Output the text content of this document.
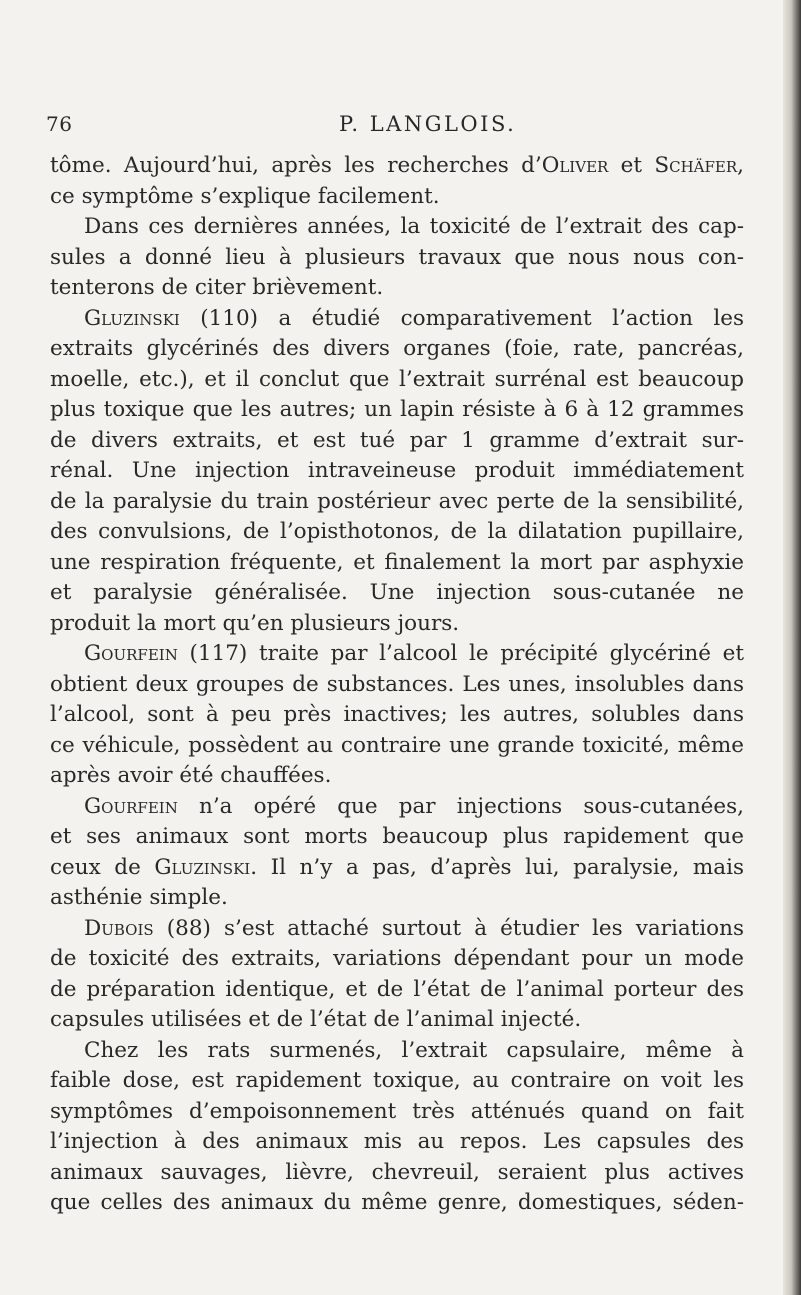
76	P. LANGLOIS.
tôme. Aujourd’hui, après les recherches d’Oliver et Schäfer,
ce symptôme s’explique facilement.
Dans ces dernières années, la toxicité de l’extrait des cap-
sules a donné lieu à plusieurs travaux que nous nous con-
tenterons de citer brièvement.
Gluzinski (110) a étudié comparativement l’action les
extraits glycérinés des divers organes (foie, rate, pancréas,
moelle, etc.), et il conclut que l’extrait surrénal est beaucoup
plus toxique que les autres; un lapin résiste à 6 à 12 grammes
de divers extraits, et est tué par 1 gramme d’extrait sur-
rénal. Une injection intraveineuse produit immédiatement
de la paralysie du train postérieur avec perte de la sensibilité,
des convulsions, de l’opisthotonos, de la dilatation pupillaire,
une respiration fréquente, et finalement la mort par asphyxie
et paralysie généralisée. Une injection sous-cutanée ne
produit la mort qu’en plusieurs jours.
Gourfein (117) traite par l’alcool le précipité glycériné et
obtient deux groupes de substances. Les unes, insolubles dans
l’alcool, sont à peu près inactives; les autres, solubles dans
ce véhicule, possèdent au contraire une grande toxicité, même
après avoir été chauffées.
Gourfein n’a opéré que par injections sous-cutanées,
et ses animaux sont morts beaucoup plus rapidement que
ceux de Gluzinski. Il n’y a pas, d’après lui, paralysie, mais
asthénie simple.
Dubois (88) s’est attaché surtout à étudier les variations
de toxicité des extraits, variations dépendant pour un mode
de préparation identique, et de l’état de l’animal porteur des
capsules utilisées et de l’état de l’animal injecté.
Chez les rats surmenés, l’extrait capsulaire, même à
faible dose, est rapidement toxique, au contraire on voit les
symptômes d’empoisonnement très atténués quand on fait
l’injection à des animaux mis au repos. Les capsules des
animaux sauvages, lièvre, chevreuil, seraient plus actives
que celles des animaux du même genre, domestiques, séden-
